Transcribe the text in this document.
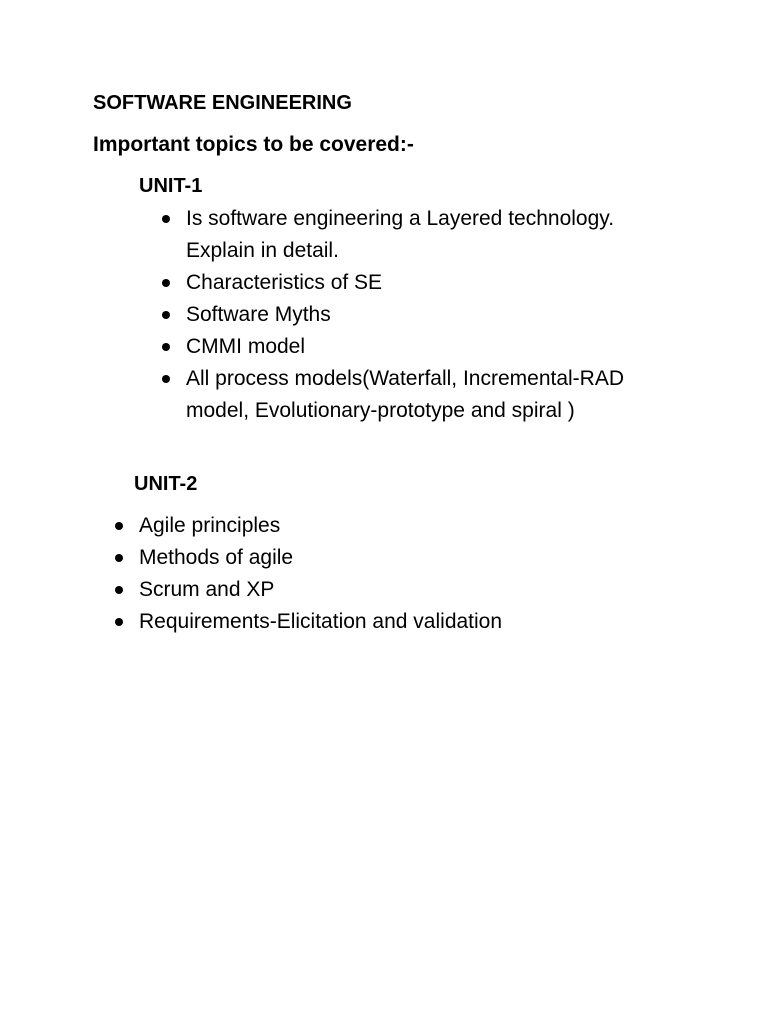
SOFTWARE ENGINEERING
Important topics to be covered:-
UNIT-1
Is software engineering a Layered technology. Explain in detail.
Characteristics of SE
Software Myths
CMMI model
All process models(Waterfall, Incremental-RAD model, Evolutionary-prototype and spiral )
UNIT-2
Agile principles
Methods of agile
Scrum and XP
Requirements-Elicitation and validation
